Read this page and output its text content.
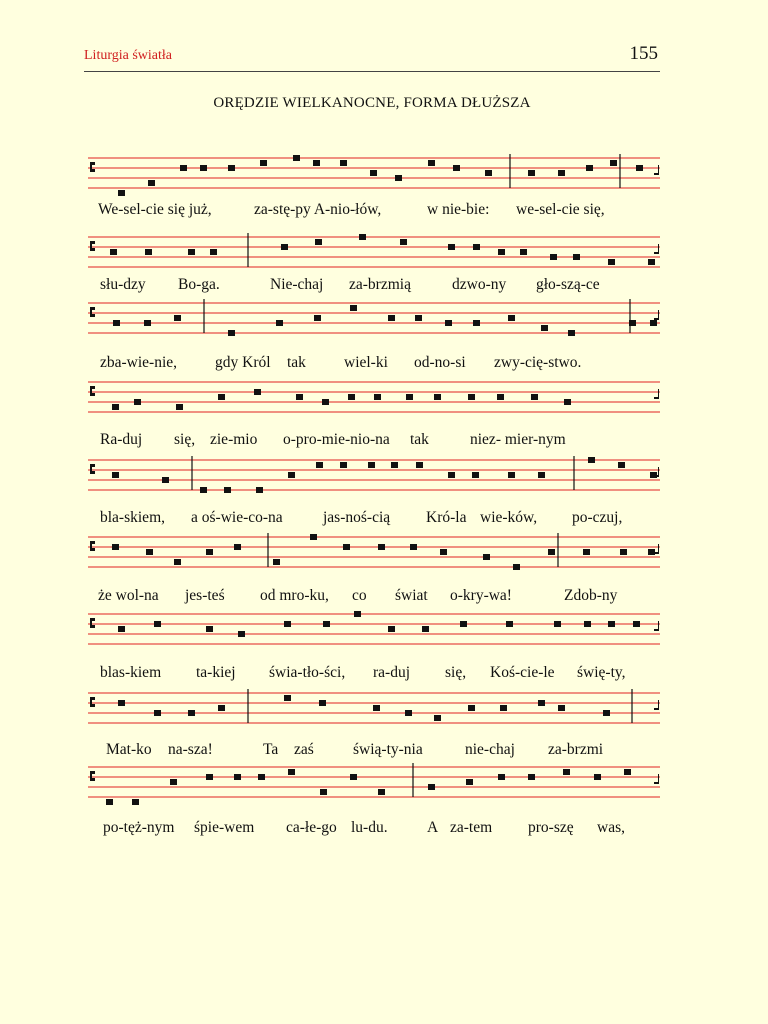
Liturgia światła	155
ORĘDZIE WIELKANOCNE, FORMA DŁUŻSZA

We-sel-cie się już,

	za-stę-py A-nio-łów,

	w nie-bie:

we-sel-cie się,

słu-dzy

Bo-ga.

	Nie-chaj

za-brzmią

	dzwo-ny

gło-szą-ce

zba-wie-nie,

gdy Król

tak

wiel-ki

od-no-si

zwy-cię-stwo.

Ra-duj

się,

zie-mio

o-pro-mie-nio-na

tak

	niez- mier-nym

bla-skiem,

a oś-wie-co-na

	jas-noś-cią

Kró-la

wie-ków,

po-czuj,

że wol-na

jes-teś

od mro-ku,

co

świat

o-kry-wa!

	Zdob-ny

blas-kiem

ta-kiej

świa-tło-ści,

ra-duj

się,

Koś-cie-le

świę-ty,

Mat-ko

na-sza!

	Ta

zaś

	świą-ty-nia

	nie-chaj

za-brzmi

po-tęż-nym

śpie-wem

ca-łe-go

lu-du.

	A

za-tem

pro-szę

was,
